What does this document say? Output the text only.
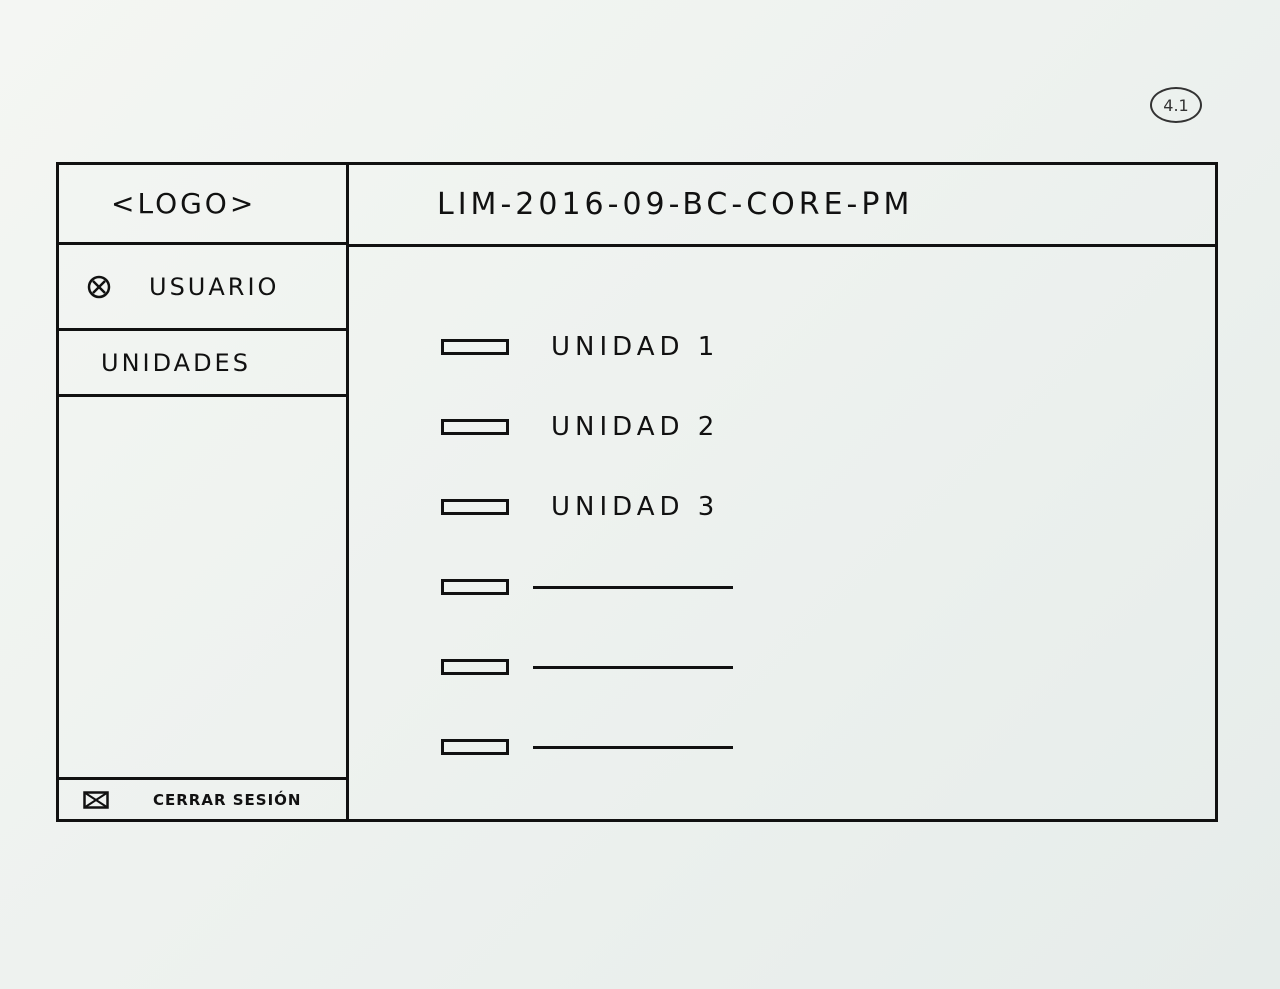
4.1
<LOGO>
USUARIO
UNIDADES
CERRAR SESIÓN
LIM-2016-09-BC-CORE-PM
UNIDAD 1
UNIDAD 2
UNIDAD 3
